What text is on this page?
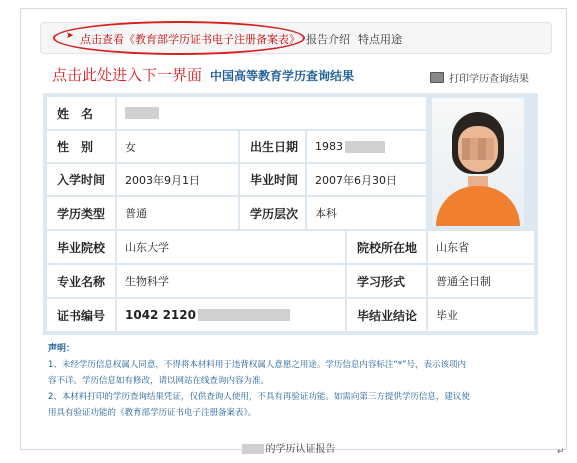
➤ 点击查看《教育部学历证书电子注册备案表》 报告介绍 特点用途
点击此处进入下一界面 中国高等教育学历查询结果	打印学历查询结果
姓　名
性　别	女	出生日期	1983
入学时间	2003年9月1日	毕业时间	2007年6月30日
学历类型	普通	学历层次	本科
毕业院校	山东大学	院校所在地	山东省
专业名称	生物科学	学习形式	普通全日制
证书编号	1042 2120	毕结业结论	毕业
声明：
1、未经学历信息权属人同意，不得将本材料用于违背权属人意愿之用途。学历信息内容标注“*”号，表示该项内
容不详。学历信息如有修改，请以网站在线查询内容为准。
2、本材料打印的学历查询结果凭证，仅供查询人使用，不具有再验证功能。如需向第三方提供学历信息，建议使
用具有验证功能的《教育部学历证书电子注册备案表》。
的学历认证报告	↵
